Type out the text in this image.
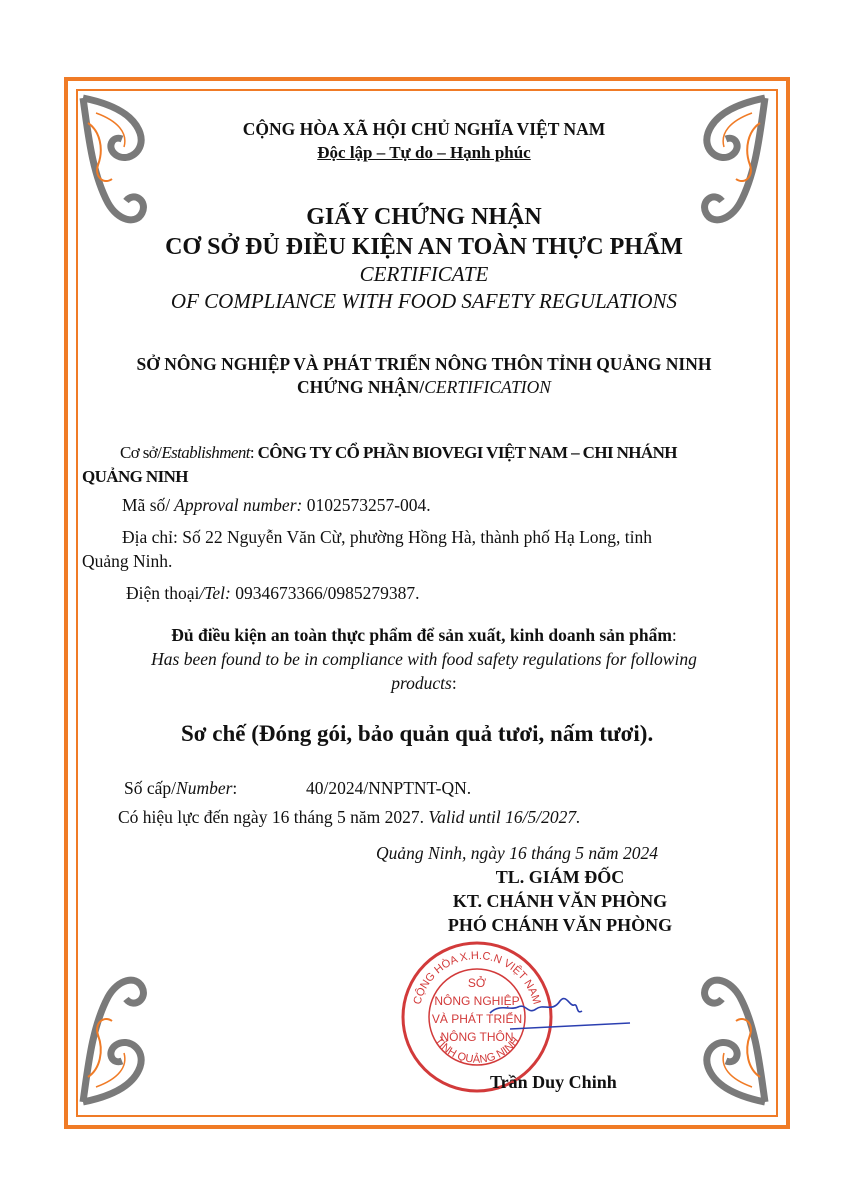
CỘNG HÒA XÃ HỘI CHỦ NGHĨA VIỆT NAM
Độc lập – Tự do – Hạnh phúc
GIẤY CHỨNG NHẬN
CƠ SỞ ĐỦ ĐIỀU KIỆN AN TOÀN THỰC PHẨM
CERTIFICATE
OF COMPLIANCE WITH FOOD SAFETY REGULATIONS
SỞ NÔNG NGHIỆP VÀ PHÁT TRIỂN NÔNG THÔN TỈNH QUẢNG NINH
CHỨNG NHẬN/CERTIFICATION
Cơ sở/Establishment: CÔNG TY CỔ PHẦN BIOVEGI VIỆT NAM – CHI NHÁNH
QUẢNG NINH
Mã số/ Approval number: 0102573257-004.
Địa chỉ: Số 22 Nguyễn Văn Cừ, phường Hồng Hà, thành phố Hạ Long, tỉnh
Quảng Ninh.
Điện thoại/Tel: 0934673366/0985279387.
Đủ điều kiện an toàn thực phẩm để sản xuất, kinh doanh sản phẩm:
Has been found to be in compliance with food safety regulations for following
products:
Sơ chế (Đóng gói, bảo quản quả tươi, nấm tươi).
Số cấp/Number:	40/2024/NNPTNT-QN.
Có hiệu lực đến ngày 16 tháng 5 năm 2027. Valid until 16/5/2027.
Quảng Ninh, ngày 16 tháng 5 năm 2024
TL. GIÁM ĐỐC
KT. CHÁNH VĂN PHÒNG
PHÓ CHÁNH VĂN PHÒNG
CỘNG HÒA X.H.C.N VIỆT NAM
TỈNH QUẢNG NINH
SỞ
NÔNG NGHIỆP
VÀ PHÁT TRIỂN
NÔNG THÔN
Trần Duy Chinh
